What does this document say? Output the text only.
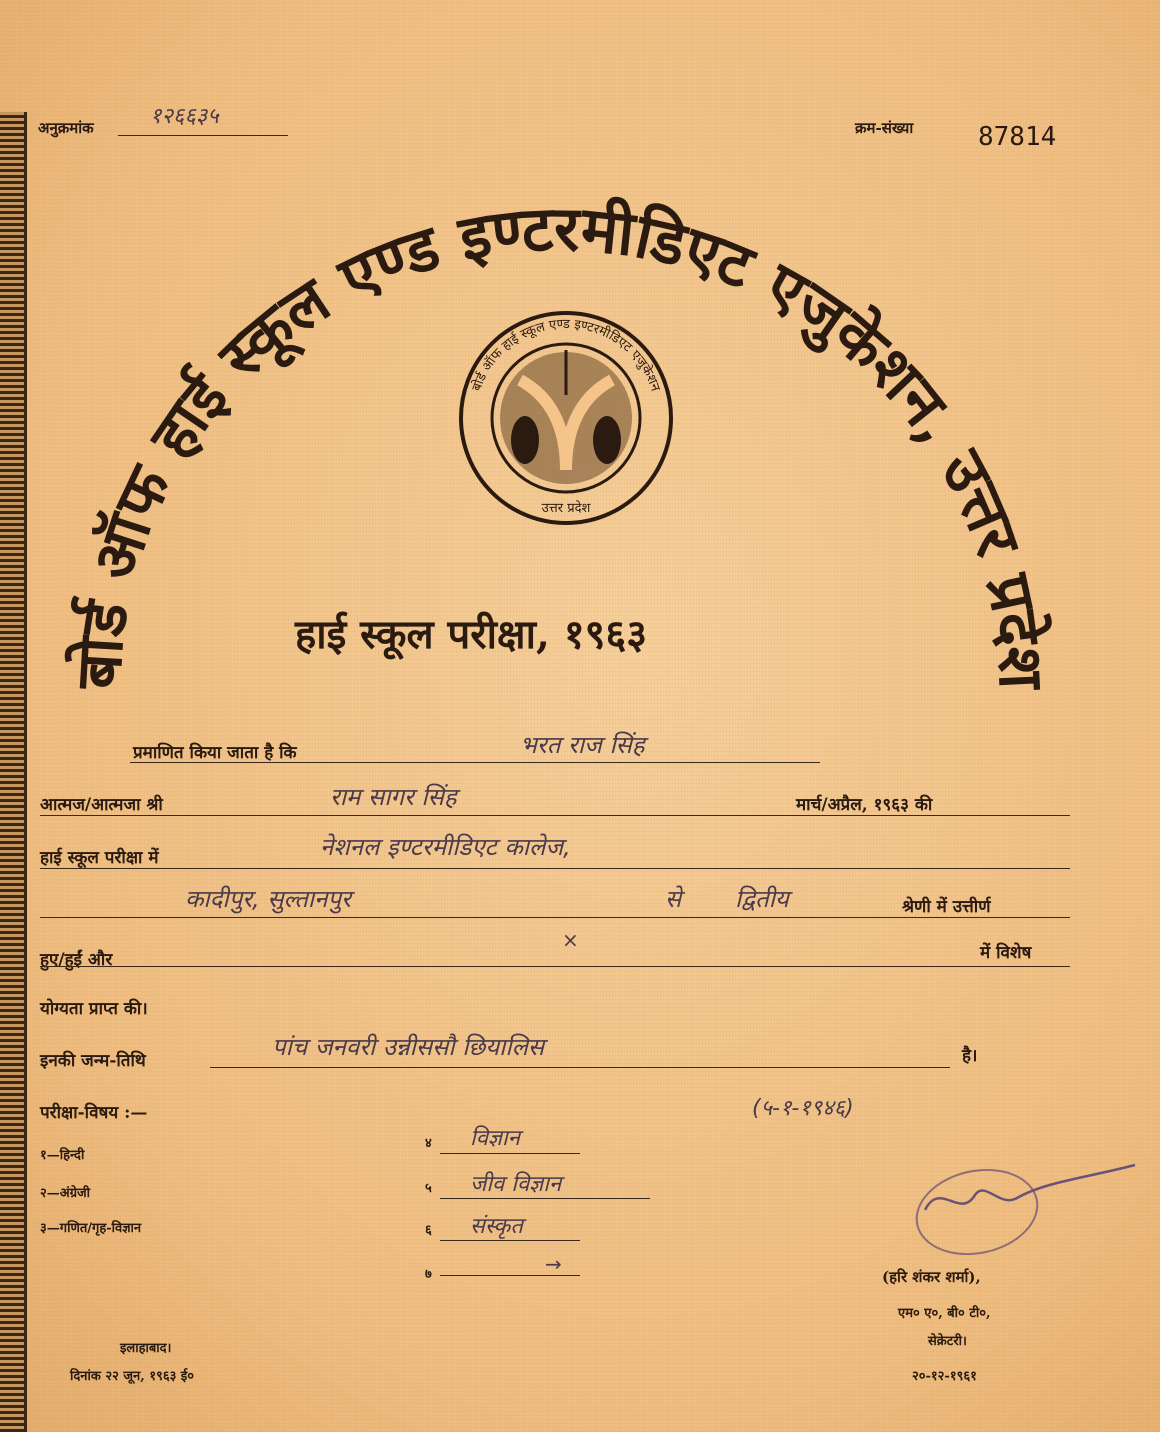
अनुक्रमांक	१२६६३५	क्रम-संख्या 87814
बोर्ड ऑफ हाई स्कूल एण्ड इण्टरमीडिएट एजुकेशन, उत्तर प्रदेश
बोर्ड ऑफ हाई स्कूल एण्ड इण्टरमीडिएट एजुकेशन
उत्तर प्रदेश
हाई स्कूल परीक्षा, १९६३
प्रमाणित किया जाता है कि	भरत राज सिंह
आत्मज/आत्मजा श्री	राम सागर सिंह	मार्च/अप्रैल, १९६३ की
हाई स्कूल परीक्षा में	नेशनल इण्टरमीडिएट कालेज,
कादीपुर, सुल्तानपुर	से द्वितीय	श्रेणी में उत्तीर्ण
हुए/हुईं और
×
में विशेष
योग्यता प्राप्त की।
इनकी जन्म-तिथि	पांच जनवरी उन्नीससौ छियालिस	है।
(५-१-१९४६)
परीक्षा-विषय :—
१—हिन्दी
२—अंग्रेजी
३—गणित/गृह-विज्ञान
४ विज्ञान
५ जीव विज्ञान
६ संस्कृत
७	→
इलाहाबाद।
दिनांक २२ जून, १९६३ ई०
(हरि शंकर शर्मा),
एम० ए०, बी० टी०,
सेक्रेटरी।
२०-१२-१९६१
